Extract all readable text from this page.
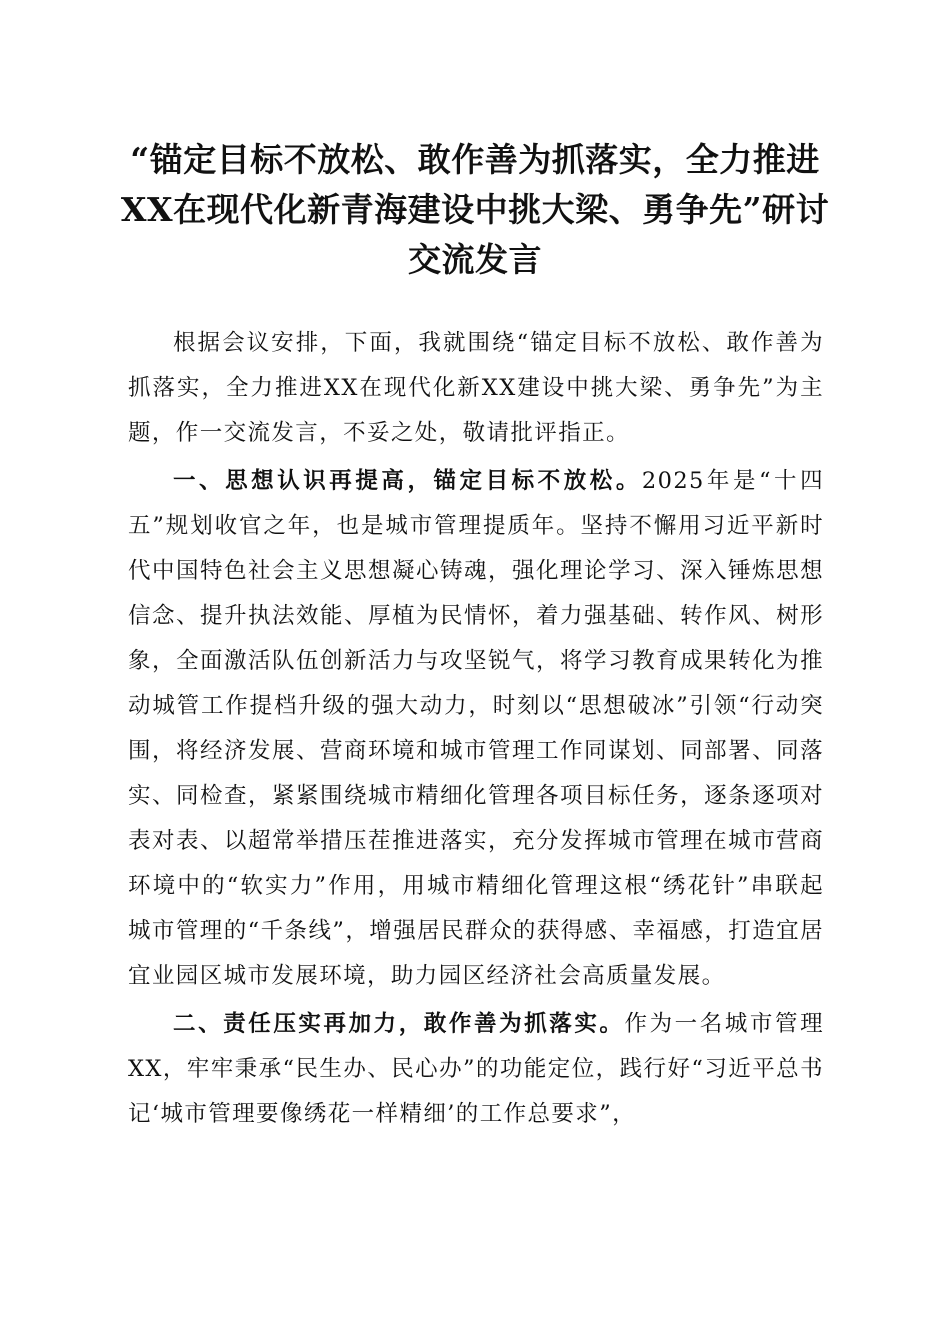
“锚定目标不放松、敢作善为抓落实，全力推进XX在现代化新青海建设中挑大梁、勇争先”研讨交流发言

根据会议安排，下面，我就围绕“锚定目标不放松、敢作善为抓落实，全力推进XX在现代化新XX建设中挑大梁、勇争先”为主题，作一交流发言，不妥之处，敬请批评指正。

一、思想认识再提高，锚定目标不放松。2025年是“十四五”规划收官之年，也是城市管理提质年。坚持不懈用习近平新时代中国特色社会主义思想凝心铸魂，强化理论学习、深入锤炼思想信念、提升执法效能、厚植为民情怀，着力强基础、转作风、树形象，全面激活队伍创新活力与攻坚锐气，将学习教育成果转化为推动城管工作提档升级的强大动力，时刻以“思想破冰”引领“行动突围，将经济发展、营商环境和城市管理工作同谋划、同部署、同落实、同检查，紧紧围绕城市精细化管理各项目标任务，逐条逐项对表对表、以超常举措压茬推进落实，充分发挥城市管理在城市营商环境中的“软实力”作用，用城市精细化管理这根“绣花针”串联起城市管理的“千条线”，增强居民群众的获得感、幸福感，打造宜居宜业园区城市发展环境，助力园区经济社会高质量发展。

二、责任压实再加力，敢作善为抓落实。作为一名城市管理XX，牢牢秉承“民生办、民心办”的功能定位，践行好“习近平总书记‘城市管理要像绣花一样精细’的工作总要求”，
